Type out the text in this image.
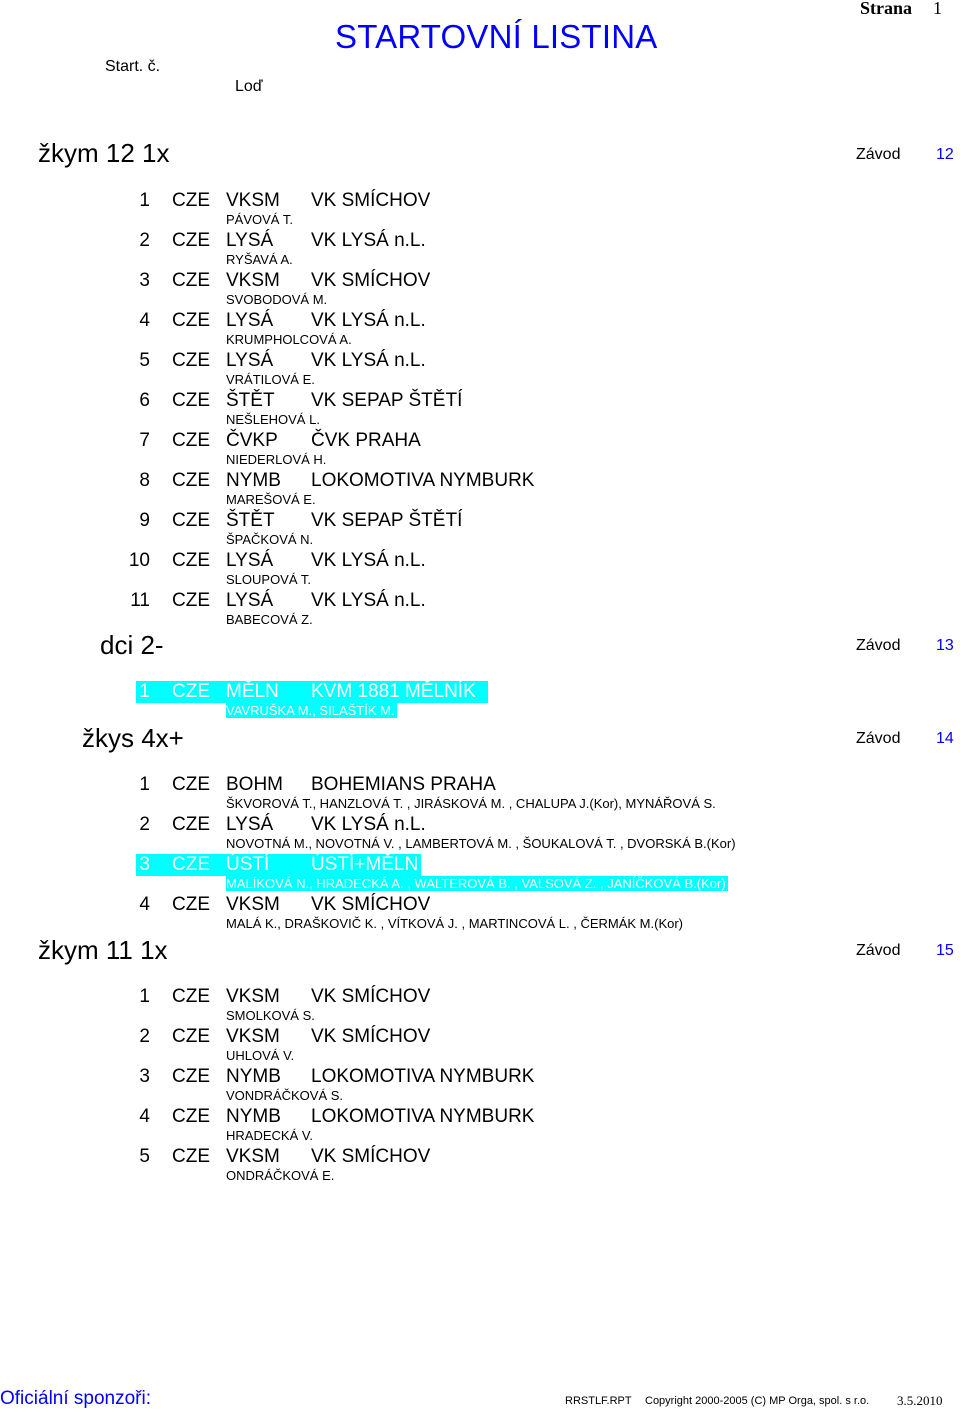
STARTOVNÍ LISTINA
Strana 1
Start. č.
Loď
žkym 12 1x	Závod 12
1 CZE VKSM VK SMÍCHOV
PÁVOVÁ T.
2 CZE LYSÁ VK LYSÁ n.L.
RYŠAVÁ A.
3 CZE VKSM VK SMÍCHOV
SVOBODOVÁ M.
4 CZE LYSÁ VK LYSÁ n.L.
KRUMPHOLCOVÁ A.
5 CZE LYSÁ VK LYSÁ n.L.
VRÁTILOVÁ E.
6 CZE ŠTĚT VK SEPAP ŠTĚTÍ
NEŠLEHOVÁ L.
7 CZE ČVKP ČVK PRAHA
NIEDERLOVÁ H.
8 CZE NYMB LOKOMOTIVA NYMBURK
MAREŠOVÁ E.
9 CZE ŠTĚT VK SEPAP ŠTĚTÍ
ŠPAČKOVÁ N.
10 CZE LYSÁ VK LYSÁ n.L.
SLOUPOVÁ T.
11 CZE LYSÁ VK LYSÁ n.L.
BABECOVÁ Z.
dci 2-	Závod 13
1 CZE MĚLN KVM 1881 MĚLNÍK
VAVRUŠKA M., SILAŠTÍK M.
žkys 4x+	Závod 14
1 CZE BOHM BOHEMIANS PRAHA
ŠKVOROVÁ T., HANZLOVÁ T. , JIRÁSKOVÁ M. , CHALUPA J.(Kor), MYNÁŘOVÁ S.
2 CZE LYSÁ VK LYSÁ n.L.
NOVOTNÁ M., NOVOTNÁ V. , LAMBERTOVÁ M. , ŠOUKALOVÁ T. , DVORSKÁ B.(Kor)
3 CZE ÚSTÍ ÚSTÍ+MĚLN
MALÍKOVÁ N., HRADECKÁ A. , WALTEROVÁ B. , VALSOVÁ Z. , JANÍČKOVÁ B.(Kor)
4 CZE VKSM VK SMÍCHOV
MALÁ K., DRAŠKOVIČ K. , VÍTKOVÁ J. , MARTINCOVÁ L. , ČERMÁK M.(Kor)
žkym 11 1x	Závod 15
1 CZE VKSM VK SMÍCHOV
SMOLKOVÁ S.
2 CZE VKSM VK SMÍCHOV
UHLOVÁ V.
3 CZE NYMB LOKOMOTIVA NYMBURK
VONDRÁČKOVÁ S.
4 CZE NYMB LOKOMOTIVA NYMBURK
HRADECKÁ V.
5 CZE VKSM VK SMÍCHOV
ONDRÁČKOVÁ E.
Oficiální sponzoři:	RRSTLF.RPT Copyright 2000-2005 (C) MP Orga, spol. s r.o. 3.5.2010
